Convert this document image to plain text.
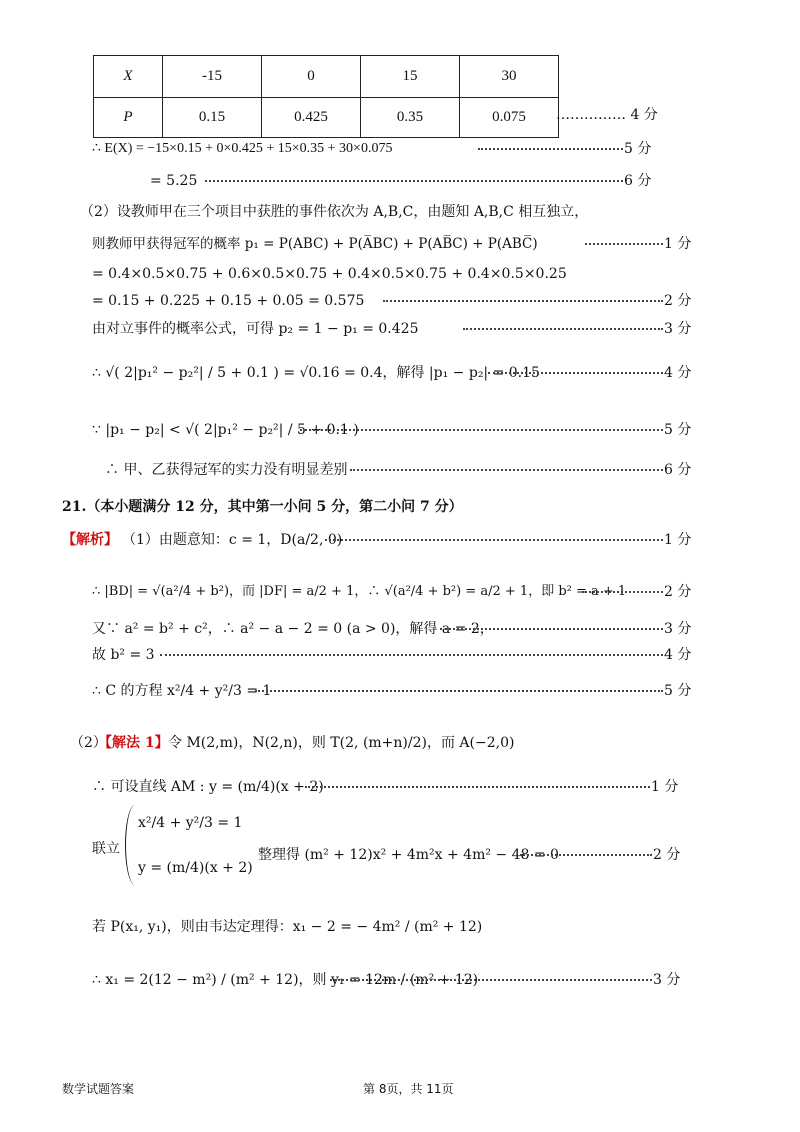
X	-15	0	15	30
P	0.15	0.425	0.35	0.075 …………… 4 分
∴ E(X) = −15×0.15 + 0×0.425 + 15×0.35 + 30×0.075	5 分
= 5.25	6 分
（2）设教师甲在三个项目中获胜的事件依次为 A,B,C，由题知 A,B,C 相互独立，
则教师甲获得冠军的概率 p₁ = P(ABC) + P(A̅BC) + P(AB̅C) + P(ABC̅)	1 分
= 0.4×0.5×0.75 + 0.6×0.5×0.75 + 0.4×0.5×0.75 + 0.4×0.5×0.25
= 0.15 + 0.225 + 0.15 + 0.05 = 0.575	2 分
由对立事件的概率公式，可得 p₂ = 1 − p₁ = 0.425	3 分
∴ √( 2|p₁² − p₂²| / 5 + 0.1 ) = √0.16 = 0.4，解得 |p₁ − p₂| = 0.15	4 分
∵ |p₁ − p₂| < √( 2|p₁² − p₂²| / 5 + 0.1 )	5 分
∴ 甲、乙获得冠军的实力没有明显差别	6 分
21.（本小题满分 12 分，其中第一小问 5 分，第二小问 7 分）
【解析】 （1）由题意知：c = 1，D(a/2, 0)	1 分
∴ |BD| = √(a²/4 + b²)，而 |DF| = a/2 + 1，∴ √(a²/4 + b²) = a/2 + 1，即 b² = a + 1	2 分
又∵ a² = b² + c²，∴ a² − a − 2 = 0 (a > 0)，解得 a = 2，	3 分
故 b² = 3	4 分
∴ C 的方程 x²/4 + y²/3 = 1	5 分
（2）
【解法 1】 令 M(2,m)，N(2,n)，则 T(2, (m+n)/2)，而 A(−2,0)
∴ 可设直线 AM : y = (m/4)(x + 2)	1 分
联立
x²/4 + y²/3 = 1
y = (m/4)(x + 2)
整理得 (m² + 12)x² + 4m²x + 4m² − 48 = 0	2 分
若 P(x₁, y₁)，则由韦达定理得：x₁ − 2 = − 4m² / (m² + 12)
∴ x₁ = 2(12 − m²) / (m² + 12)，则 y₁ = 12m / (m² + 12)	3 分
数学试题答案	第 8页，共 11页
